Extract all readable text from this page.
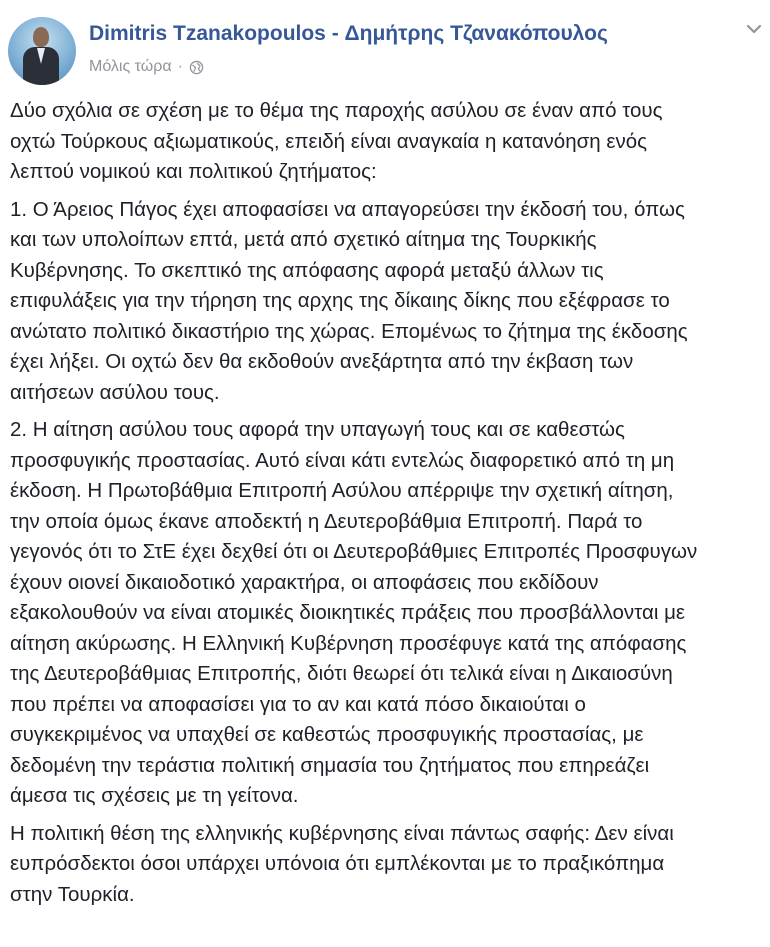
Dimitris Tzanakopoulos - Δημήτρης Τζανακόπουλος
Μόλις τώρα ·

Δύο σχόλια σε σχέση με το θέμα της παροχής ασύλου σε έναν από τους
οχτώ Τούρκους αξιωματικούς, επειδή είναι αναγκαία η κατανόηση ενός
λεπτού νομικού και πολιτικού ζητήματος:

1. Ο Άρειος Πάγος έχει αποφασίσει να απαγορεύσει την έκδοσή του, όπως
και των υπολοίπων επτά, μετά από σχετικό αίτημα της Τουρκικής
Κυβέρνησης. Το σκεπτικό της απόφασης αφορά μεταξύ άλλων τις
επιφυλάξεις για την τήρηση της αρχης της δίκαιης δίκης που εξέφρασε το
ανώτατο πολιτικό δικαστήριο της χώρας. Επομένως το ζήτημα της έκδοσης
έχει λήξει. Οι οχτώ δεν θα εκδοθούν ανεξάρτητα από την έκβαση των
αιτήσεων ασύλου τους.

2. Η αίτηση ασύλου τους αφορά την υπαγωγή τους και σε καθεστώς
προσφυγικής προστασίας. Αυτό είναι κάτι εντελώς διαφορετικό από τη μη
έκδοση. Η Πρωτοβάθμια Επιτροπή Ασύλου απέρριψε την σχετική αίτηση,
την οποία όμως έκανε αποδεκτή η Δευτεροβάθμια Επιτροπή. Παρά το
γεγονός ότι το ΣτΕ έχει δεχθεί ότι οι Δευτεροβάθμιες Επιτροπές Προσφυγων
έχουν οιονεί δικαιοδοτικό χαρακτήρα, οι αποφάσεις που εκδίδουν
εξακολουθούν να είναι ατομικές διοικητικές πράξεις που προσβάλλονται με
αίτηση ακύρωσης. Η Ελληνική Κυβέρνηση προσέφυγε κατά της απόφασης
της Δευτεροβάθμιας Επιτροπής, διότι θεωρεί ότι τελικά είναι η Δικαιοσύνη
που πρέπει να αποφασίσει για το αν και κατά πόσο δικαιούται ο
συγκεκριμένος να υπαχθεί σε καθεστώς προσφυγικής προστασίας, με
δεδομένη την τεράστια πολιτική σημασία του ζητήματος που επηρεάζει
άμεσα τις σχέσεις με τη γείτονα.

Η πολιτική θέση της ελληνικής κυβέρνησης είναι πάντως σαφής: Δεν είναι
ευπρόσδεκτοι όσοι υπάρχει υπόνοια ότι εμπλέκονται με το πραξικόπημα
στην Τουρκία.
